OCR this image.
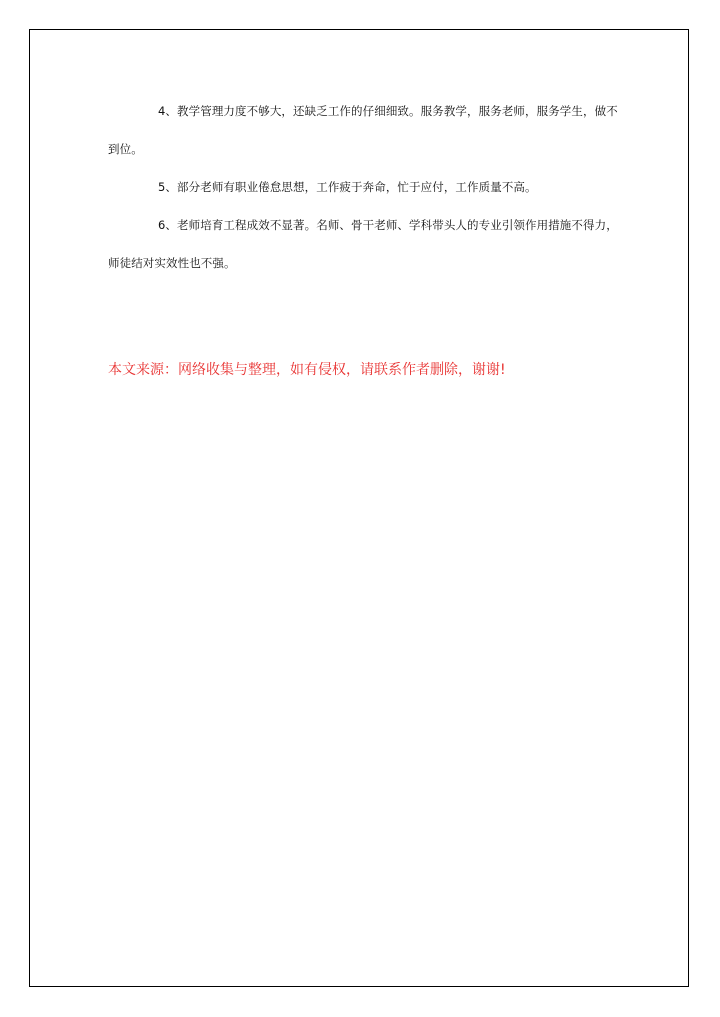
4、教学管理力度不够大，还缺乏工作的仔细细致。服务教学，服务老师，服务学生，做不到位。

5、部分老师有职业倦怠思想，工作疲于奔命，忙于应付，工作质量不高。

6、老师培育工程成效不显著。名师、骨干老师、学科带头人的专业引领作用措施不得力，师徒结对实效性也不强。

本文来源：网络收集与整理，如有侵权，请联系作者删除，谢谢!
